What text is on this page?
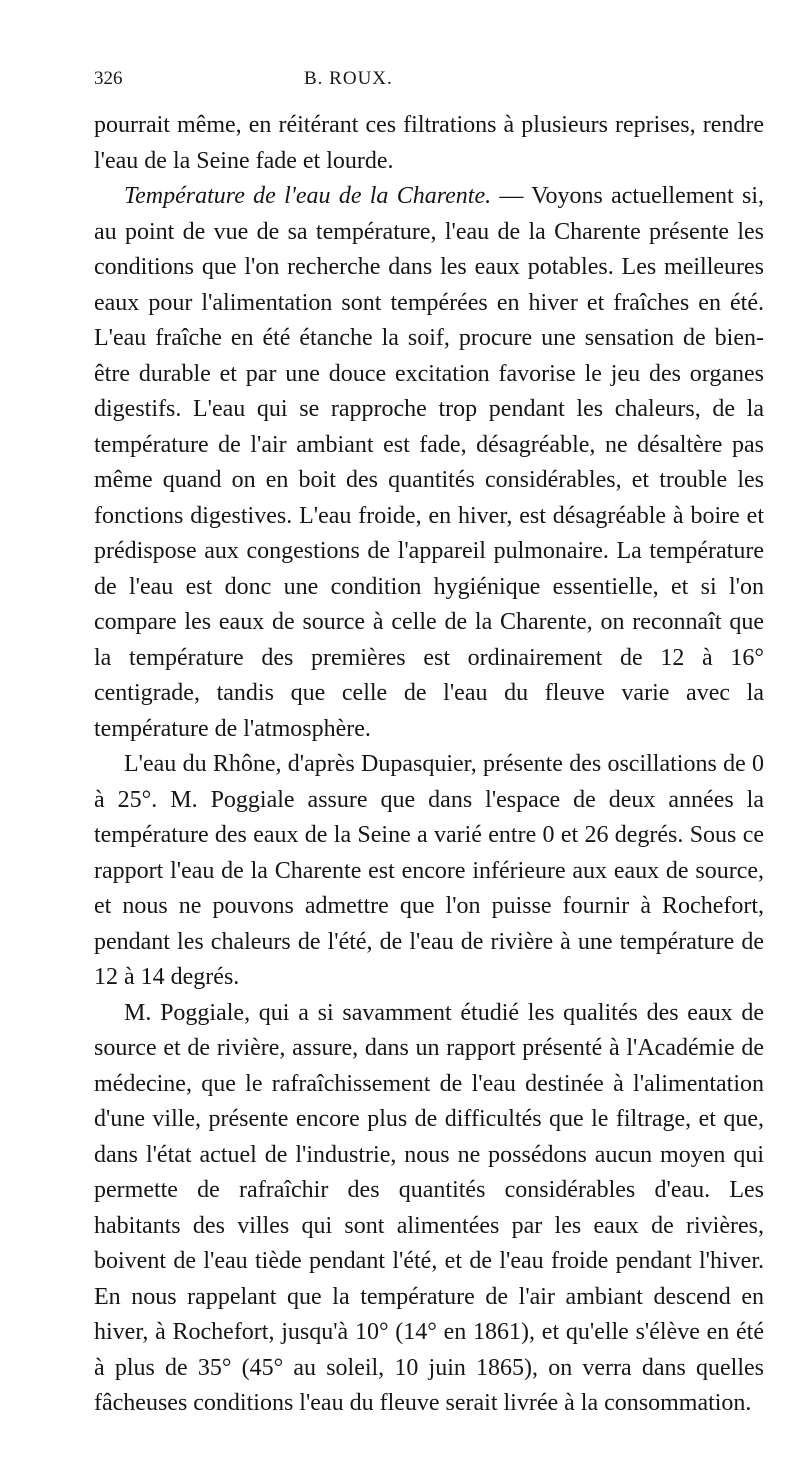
326	B. ROUX.

pourrait même, en réitérant ces filtrations à plusieurs reprises, rendre l'eau de la Seine fade et lourde.

Température de l'eau de la Charente. — Voyons actuellement si, au point de vue de sa température, l'eau de la Charente présente les conditions que l'on recherche dans les eaux potables. Les meilleures eaux pour l'alimentation sont tempérées en hiver et fraîches en été. L'eau fraîche en été étanche la soif, procure une sensation de bien-être durable et par une douce excitation favorise le jeu des organes digestifs. L'eau qui se rapproche trop pendant les chaleurs, de la température de l'air ambiant est fade, désagréable, ne désaltère pas même quand on en boit des quantités considérables, et trouble les fonctions digestives. L'eau froide, en hiver, est désagréable à boire et prédispose aux congestions de l'appareil pulmonaire. La température de l'eau est donc une condition hygiénique essentielle, et si l'on compare les eaux de source à celle de la Charente, on reconnaît que la température des premières est ordinairement de 12 à 16° centigrade, tandis que celle de l'eau du fleuve varie avec la température de l'atmosphère.

L'eau du Rhône, d'après Dupasquier, présente des oscillations de 0 à 25°. M. Poggiale assure que dans l'espace de deux années la température des eaux de la Seine a varié entre 0 et 26 degrés. Sous ce rapport l'eau de la Charente est encore inférieure aux eaux de source, et nous ne pouvons admettre que l'on puisse fournir à Rochefort, pendant les chaleurs de l'été, de l'eau de rivière à une température de 12 à 14 degrés.

M. Poggiale, qui a si savamment étudié les qualités des eaux de source et de rivière, assure, dans un rapport présenté à l'Académie de médecine, que le rafraîchissement de l'eau destinée à l'alimentation d'une ville, présente encore plus de difficultés que le filtrage, et que, dans l'état actuel de l'industrie, nous ne possédons aucun moyen qui permette de rafraîchir des quantités considérables d'eau. Les habitants des villes qui sont alimentées par les eaux de rivières, boivent de l'eau tiède pendant l'été, et de l'eau froide pendant l'hiver. En nous rappelant que la température de l'air ambiant descend en hiver, à Rochefort, jusqu'à 10° (14° en 1861), et qu'elle s'élève en été à plus de 35° (45° au soleil, 10 juin 1865), on verra dans quelles fâcheuses conditions l'eau du fleuve serait livrée à la consommation.
